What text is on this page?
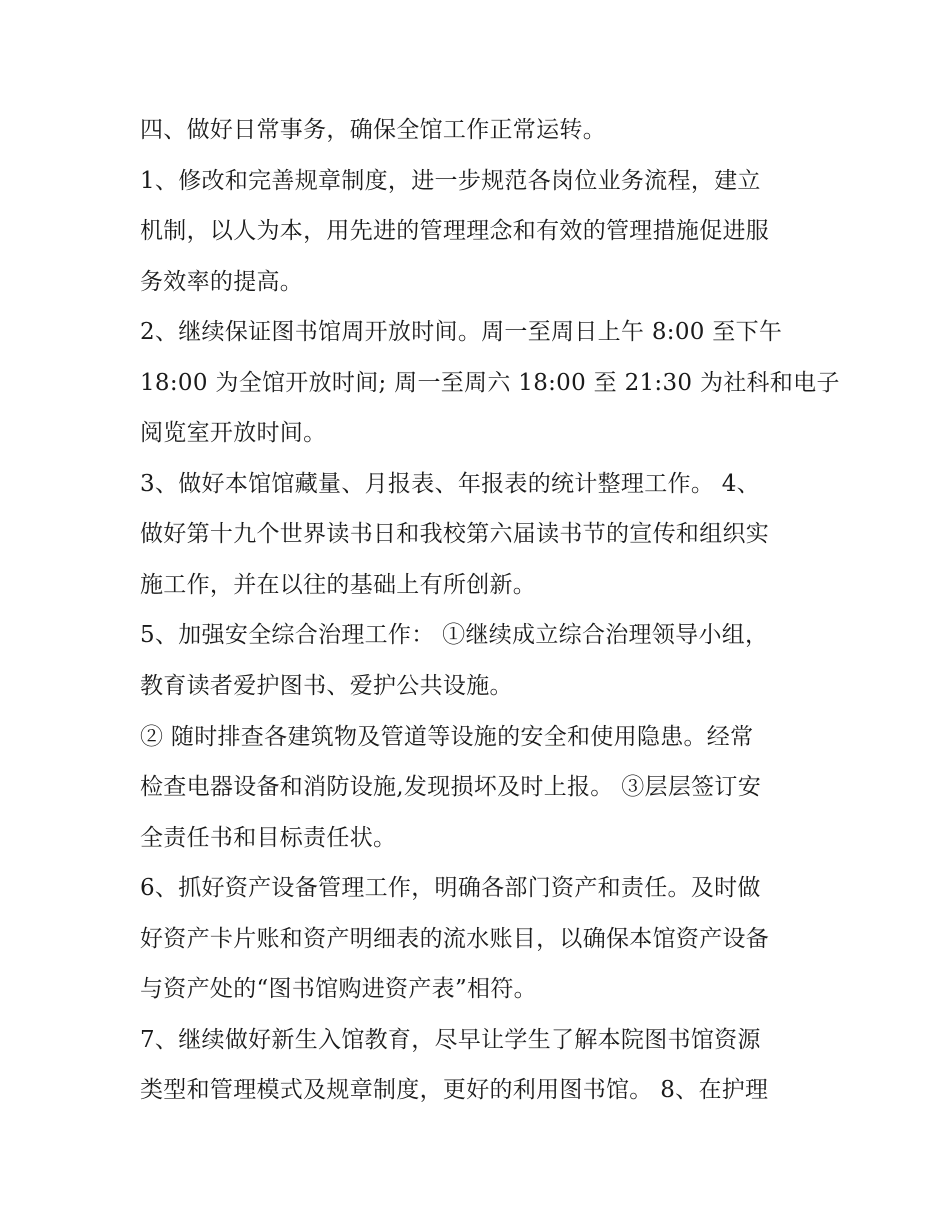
四、做好日常事务，确保全馆工作正常运转。
1、修改和完善规章制度，进一步规范各岗位业务流程，建立
机制，以人为本，用先进的管理理念和有效的管理措施促进服
务效率的提高。
2、继续保证图书馆周开放时间。周一至周日上午 8:00 至下午
18:00 为全馆开放时间; 周一至周六 18:00 至 21:30 为社科和电子
阅览室开放时间。
3、做好本馆馆藏量、月报表、年报表的统计整理工作。 4、
做好第十九个世界读书日和我校第六届读书节的宣传和组织实
施工作，并在以往的基础上有所创新。
5、加强安全综合治理工作： ①继续成立综合治理领导小组，
教育读者爱护图书、爱护公共设施。
② 随时排查各建筑物及管道等设施的安全和使用隐患。经常
检查电器设备和消防设施,发现损坏及时上报。 ③层层签订安
全责任书和目标责任状。
6、抓好资产设备管理工作，明确各部门资产和责任。及时做
好资产卡片账和资产明细表的流水账目，以确保本馆资产设备
与资产处的“图书馆购进资产表”相符。
7、继续做好新生入馆教育，尽早让学生了解本院图书馆资源
类型和管理模式及规章制度，更好的利用图书馆。 8、在护理
